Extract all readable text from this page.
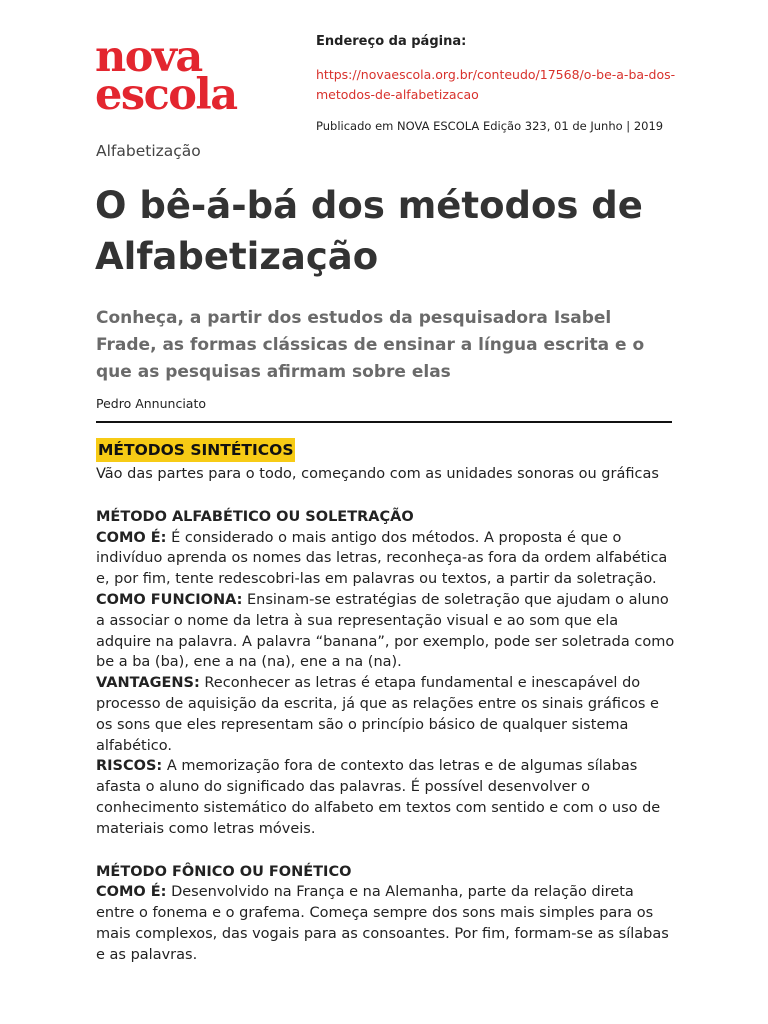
nova
escola
Endereço da página:
https://novaescola.org.br/conteudo/17568/o-be-a-ba-dos-metodos-de-alfabetizacao
Publicado em NOVA ESCOLA Edição 323, 01 de Junho | 2019
Alfabetização
O bê-á-bá dos métodos de Alfabetização
Conheça, a partir dos estudos da pesquisadora Isabel Frade, as formas clássicas de ensinar a língua escrita e o que as pesquisas afirmam sobre elas
Pedro Annunciato
MÉTODOS SINTÉTICOS

Vão das partes para o todo, começando com as unidades sonoras ou gráficas

MÉTODO ALFABÉTICO OU SOLETRAÇÃO

COMO É: É considerado o mais antigo dos métodos. A proposta é que o indivíduo aprenda os nomes das letras, reconheça-as fora da ordem alfabética e, por fim, tente redescobri-las em palavras ou textos, a partir da soletração.

COMO FUNCIONA: Ensinam-se estratégias de soletração que ajudam o aluno a associar o nome da letra à sua representação visual e ao som que ela adquire na palavra. A palavra “banana”, por exemplo, pode ser soletrada como be a ba (ba), ene a na (na), ene a na (na).

VANTAGENS: Reconhecer as letras é etapa fundamental e inescapável do processo de aquisição da escrita, já que as relações entre os sinais gráficos e os sons que eles representam são o princípio básico de qualquer sistema alfabético.

RISCOS: A memorização fora de contexto das letras e de algumas sílabas afasta o aluno do significado das palavras. É possível desenvolver o conhecimento sistemático do alfabeto em textos com sentido e com o uso de materiais como letras móveis.

MÉTODO FÔNICO OU FONÉTICO

COMO É: Desenvolvido na França e na Alemanha, parte da relação direta entre o fonema e o grafema. Começa sempre dos sons mais simples para os mais complexos, das vogais para as consoantes. Por fim, formam-se as sílabas e as palavras.
